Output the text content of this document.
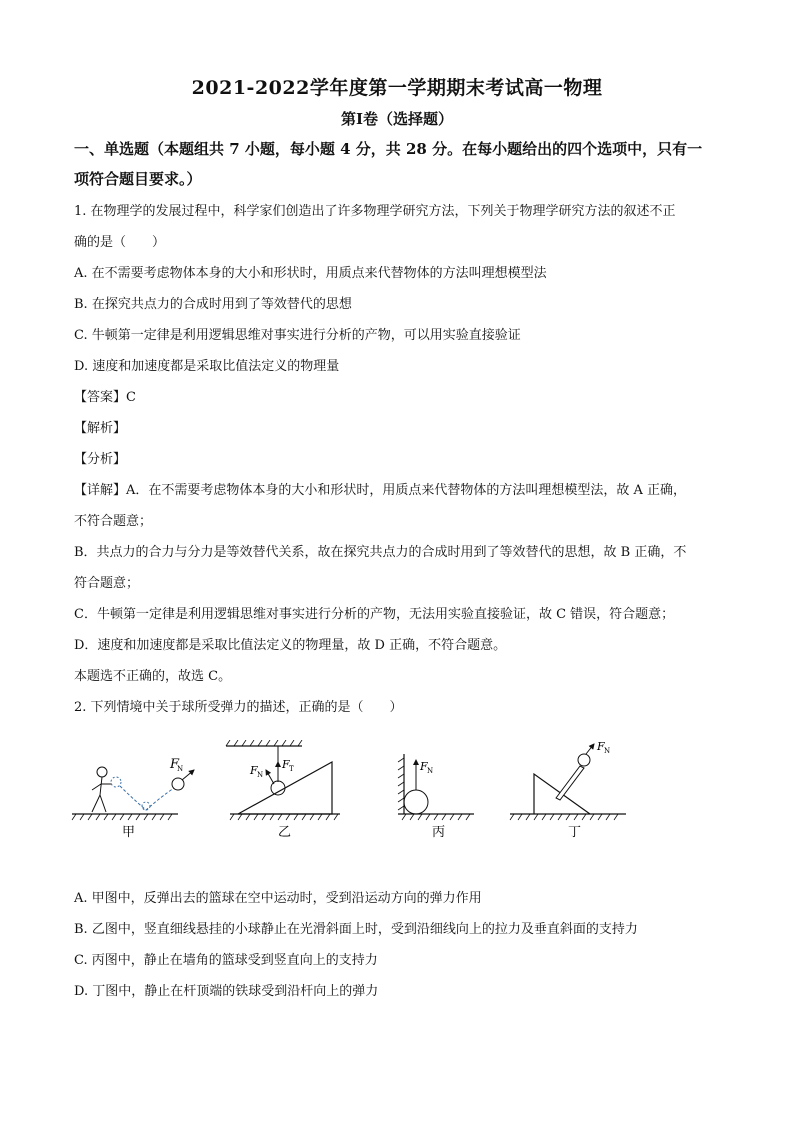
2021-2022学年度第一学期期末考试高一物理
第Ⅰ卷（选择题）
一、单选题（本题组共 7 小题，每小题 4 分，共 28 分。在每小题给出的四个选项中，只有一
项符合题目要求。）
1. 在物理学的发展过程中，科学家们创造出了许多物理学研究方法，下列关于物理学研究方法的叙述不正
确的是（　　）
A. 在不需要考虑物体本身的大小和形状时，用质点来代替物体的方法叫理想模型法
B. 在探究共点力的合成时用到了等效替代的思想
C. 牛顿第一定律是利用逻辑思维对事实进行分析的产物，可以用实验直接验证
D. 速度和加速度都是采取比值法定义的物理量
【答案】C
【解析】
【分析】
【详解】A．在不需要考虑物体本身的大小和形状时，用质点来代替物体的方法叫理想模型法，故 A 正确，
不符合题意；
B．共点力的合力与分力是等效替代关系，故在探究共点力的合成时用到了等效替代的思想，故 B 正确，不
符合题意；
C．牛顿第一定律是利用逻辑思维对事实进行分析的产物，无法用实验直接验证，故 C 错误，符合题意；
D．速度和加速度都是采取比值法定义的物理量，故 D 正确，不符合题意。
本题选不正确的，故选 C。
2. 下列情境中关于球所受弹力的描述，正确的是（　　）
F
N
甲
F T
F N
乙
F N
丙
F N
丁
A. 甲图中，反弹出去的篮球在空中运动时，受到沿运动方向的弹力作用
B. 乙图中，竖直细线悬挂的小球静止在光滑斜面上时，受到沿细线向上的拉力及垂直斜面的支持力
C. 丙图中，静止在墙角的篮球受到竖直向上的支持力
D. 丁图中，静止在杆顶端的铁球受到沿杆向上的弹力
